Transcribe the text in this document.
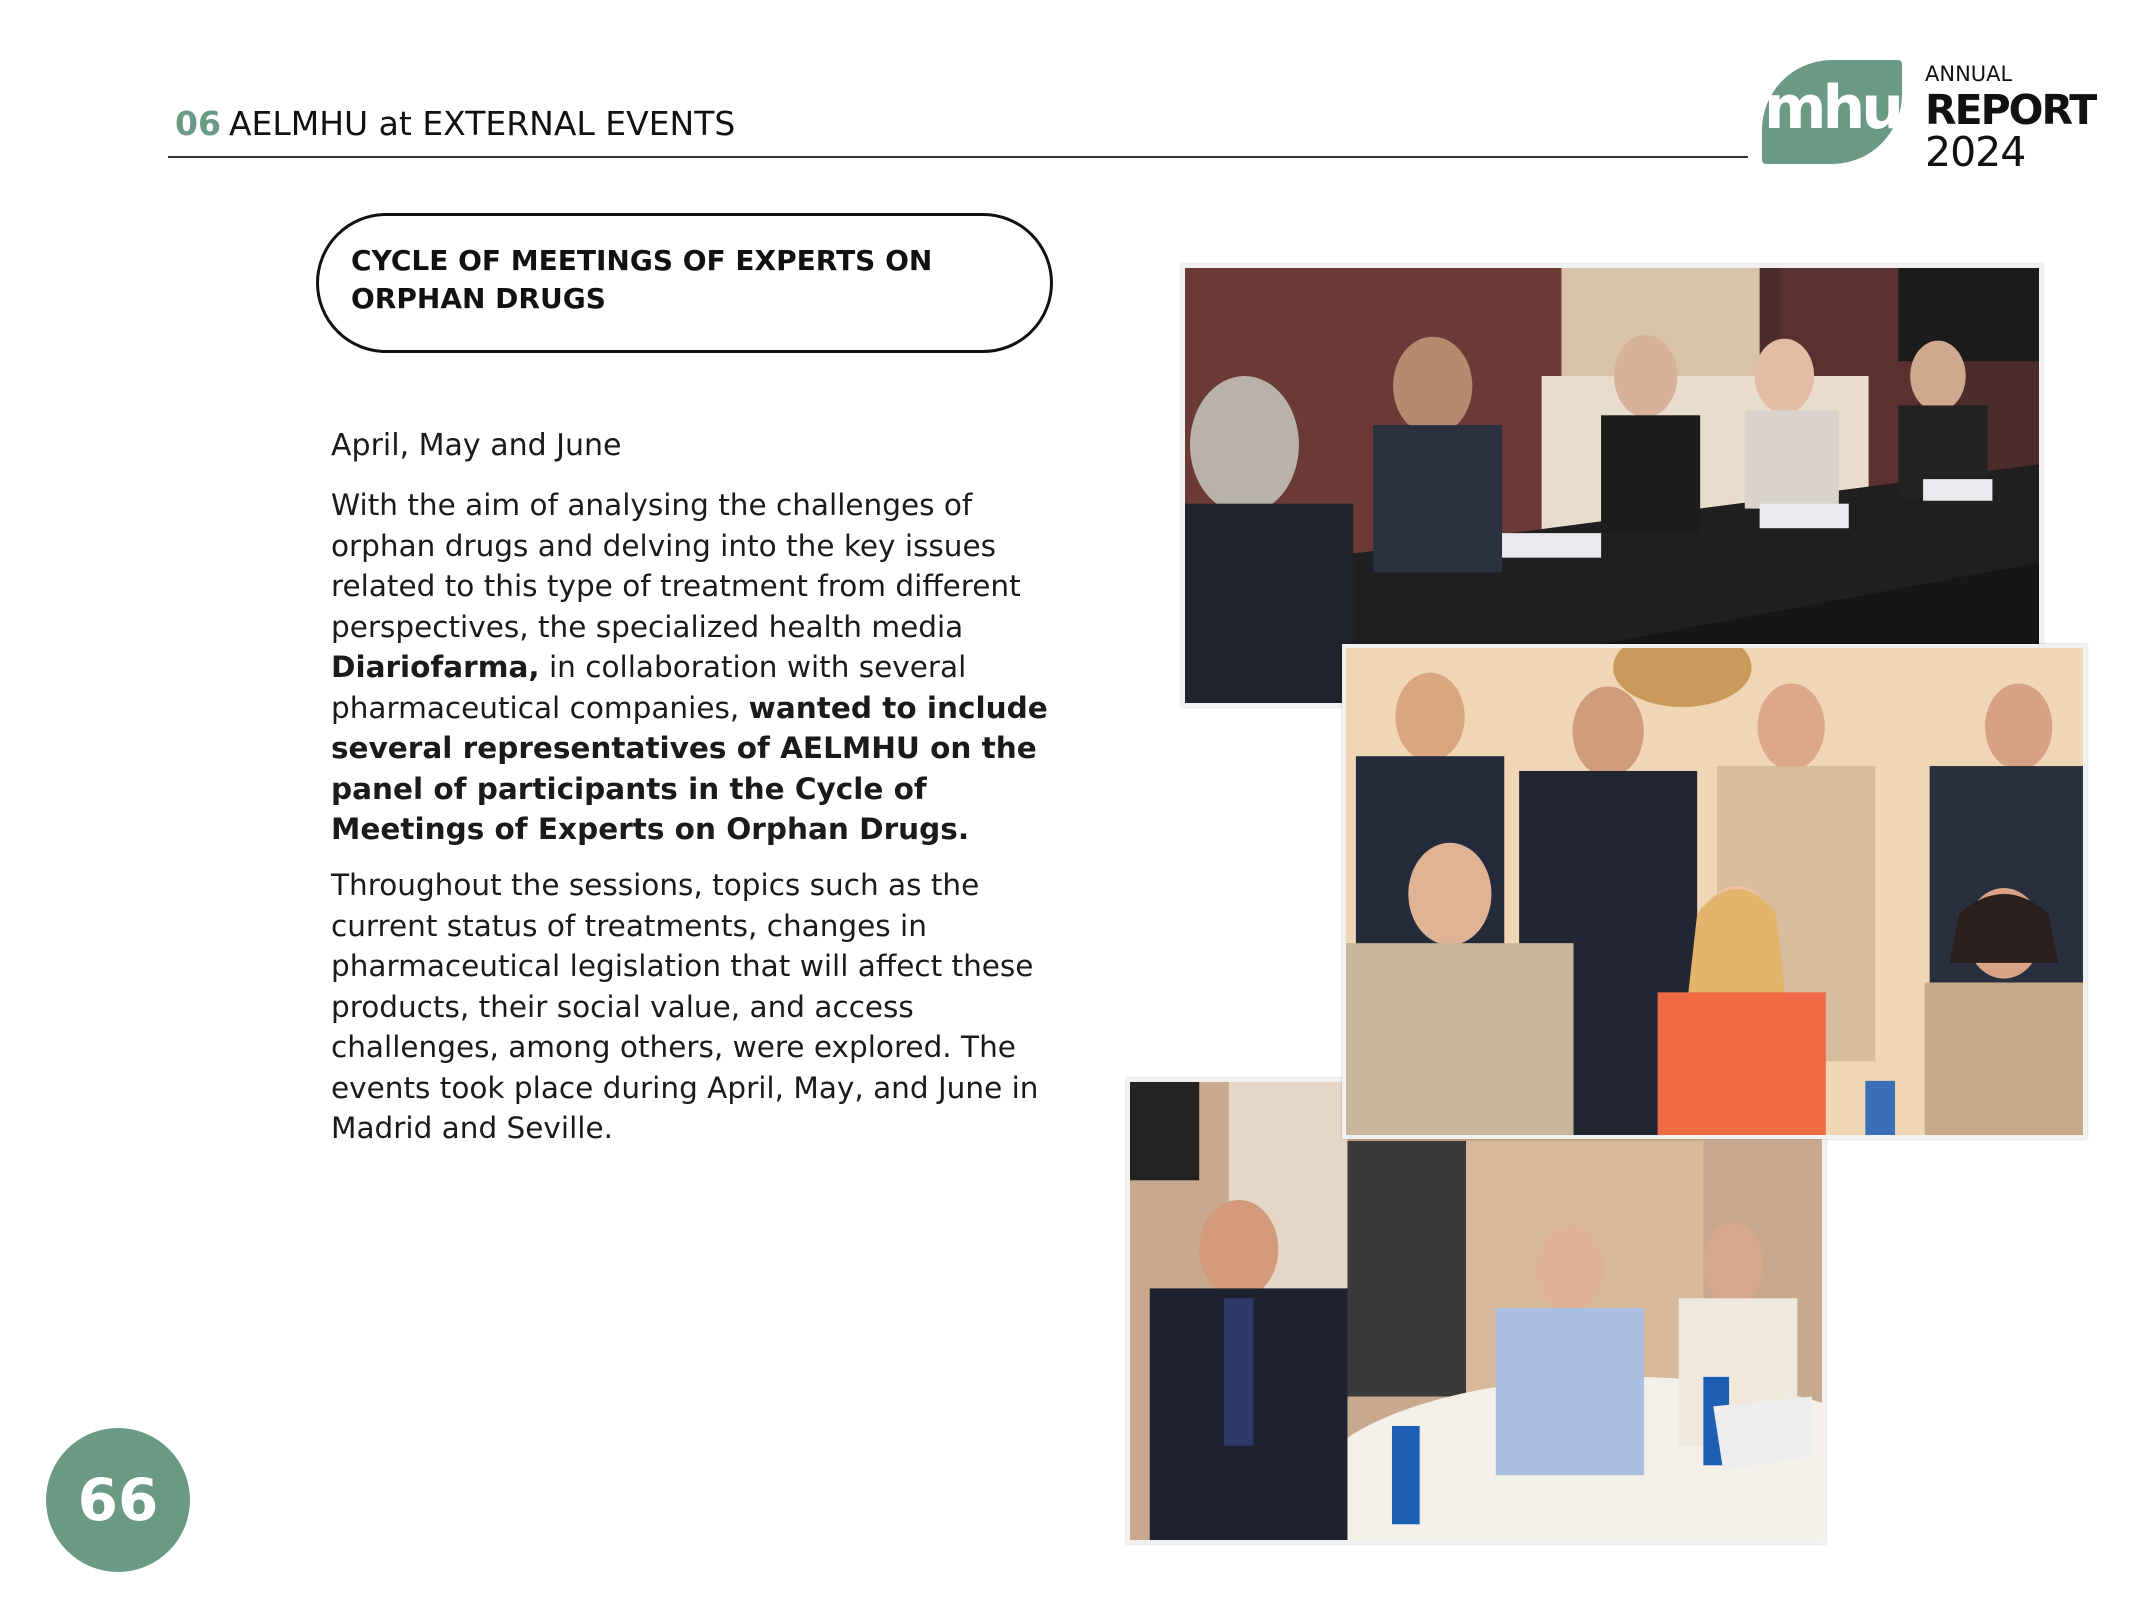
06 AELMHU at EXTERNAL EVENTS	mhu ANNUAL
REPORT
2024
CYCLE OF MEETINGS OF EXPERTS ON ORPHAN DRUGS
April, May and June
With the aim of analysing the challenges of orphan drugs and delving into the key issues related to this type of treatment from different perspectives, the specialized health media Diariofarma, in collaboration with several pharmaceutical companies, wanted to include several representatives of AELMHU on the panel of participants in the Cycle of Meetings of Experts on Orphan Drugs.
Throughout the sessions, topics such as the current status of treatments, changes in pharmaceutical legislation that will affect these products, their social value, and access challenges, among others, were explored. The events took place during April, May, and June in Madrid and Seville.
66
